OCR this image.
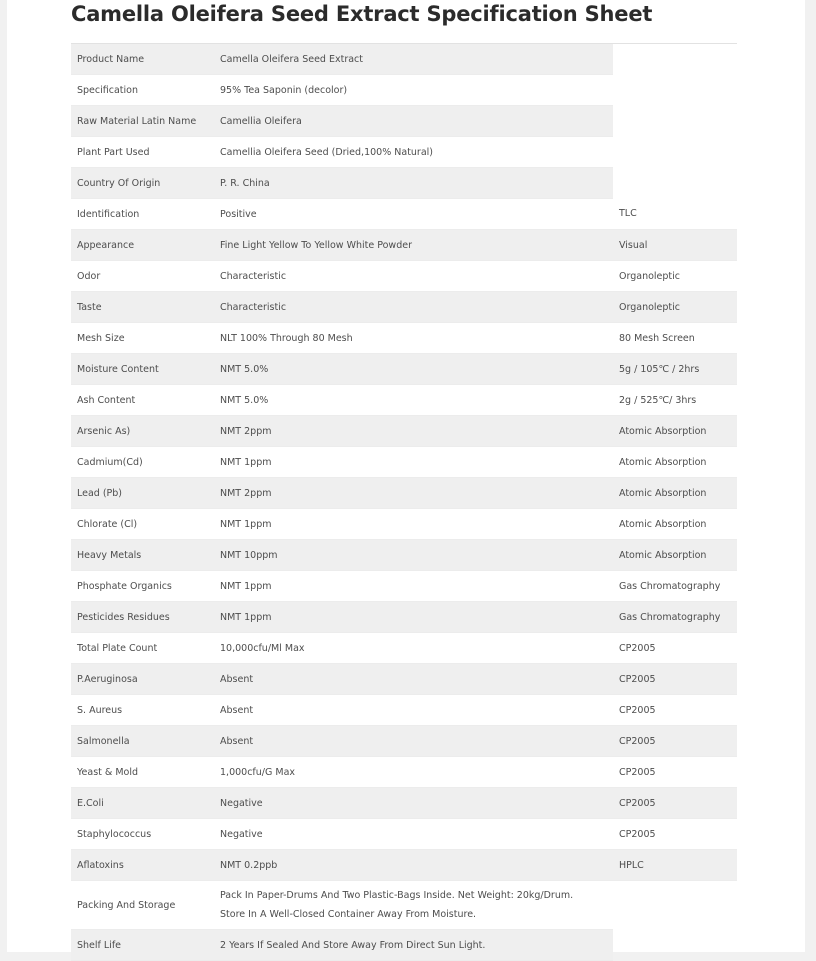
Camella Oleifera Seed Extract Specification Sheet
Product Name	Camella Oleifera Seed Extract	
Specification	95% Tea Saponin (decolor)	
Raw Material Latin Name	Camellia Oleifera	
Plant Part Used	Camellia Oleifera Seed (Dried,100% Natural)	
Country Of Origin	P. R. China	
Identification	Positive	TLC
Appearance	Fine Light Yellow To Yellow White Powder	Visual
Odor	Characteristic	Organoleptic
Taste	Characteristic	Organoleptic
Mesh Size	NLT 100% Through 80 Mesh	80 Mesh Screen
Moisture Content	NMT 5.0%	5g / 105℃ / 2hrs
Ash Content	NMT 5.0%	2g / 525℃/ 3hrs
Arsenic As)	NMT 2ppm	Atomic Absorption
Cadmium(Cd)	NMT 1ppm	Atomic Absorption
Lead (Pb)	NMT 2ppm	Atomic Absorption
Chlorate (Cl)	NMT 1ppm	Atomic Absorption
Heavy Metals	NMT 10ppm	Atomic Absorption
Phosphate Organics	NMT 1ppm	Gas Chromatography
Pesticides Residues	NMT 1ppm	Gas Chromatography
Total Plate Count	10,000cfu/Ml Max	CP2005
P.Aeruginosa	Absent	CP2005
S. Aureus	Absent	CP2005
Salmonella	Absent	CP2005
Yeast & Mold	1,000cfu/G Max	CP2005
E.Coli	Negative	CP2005
Staphylococcus	Negative	CP2005
Aflatoxins	NMT 0.2ppb	HPLC
Packing And Storage	Pack In Paper-Drums And Two Plastic-Bags Inside. Net Weight: 20kg/Drum.
Store In A Well-Closed Container Away From Moisture.	

Shelf Life	2 Years If Sealed And Store Away From Direct Sun Light.	
